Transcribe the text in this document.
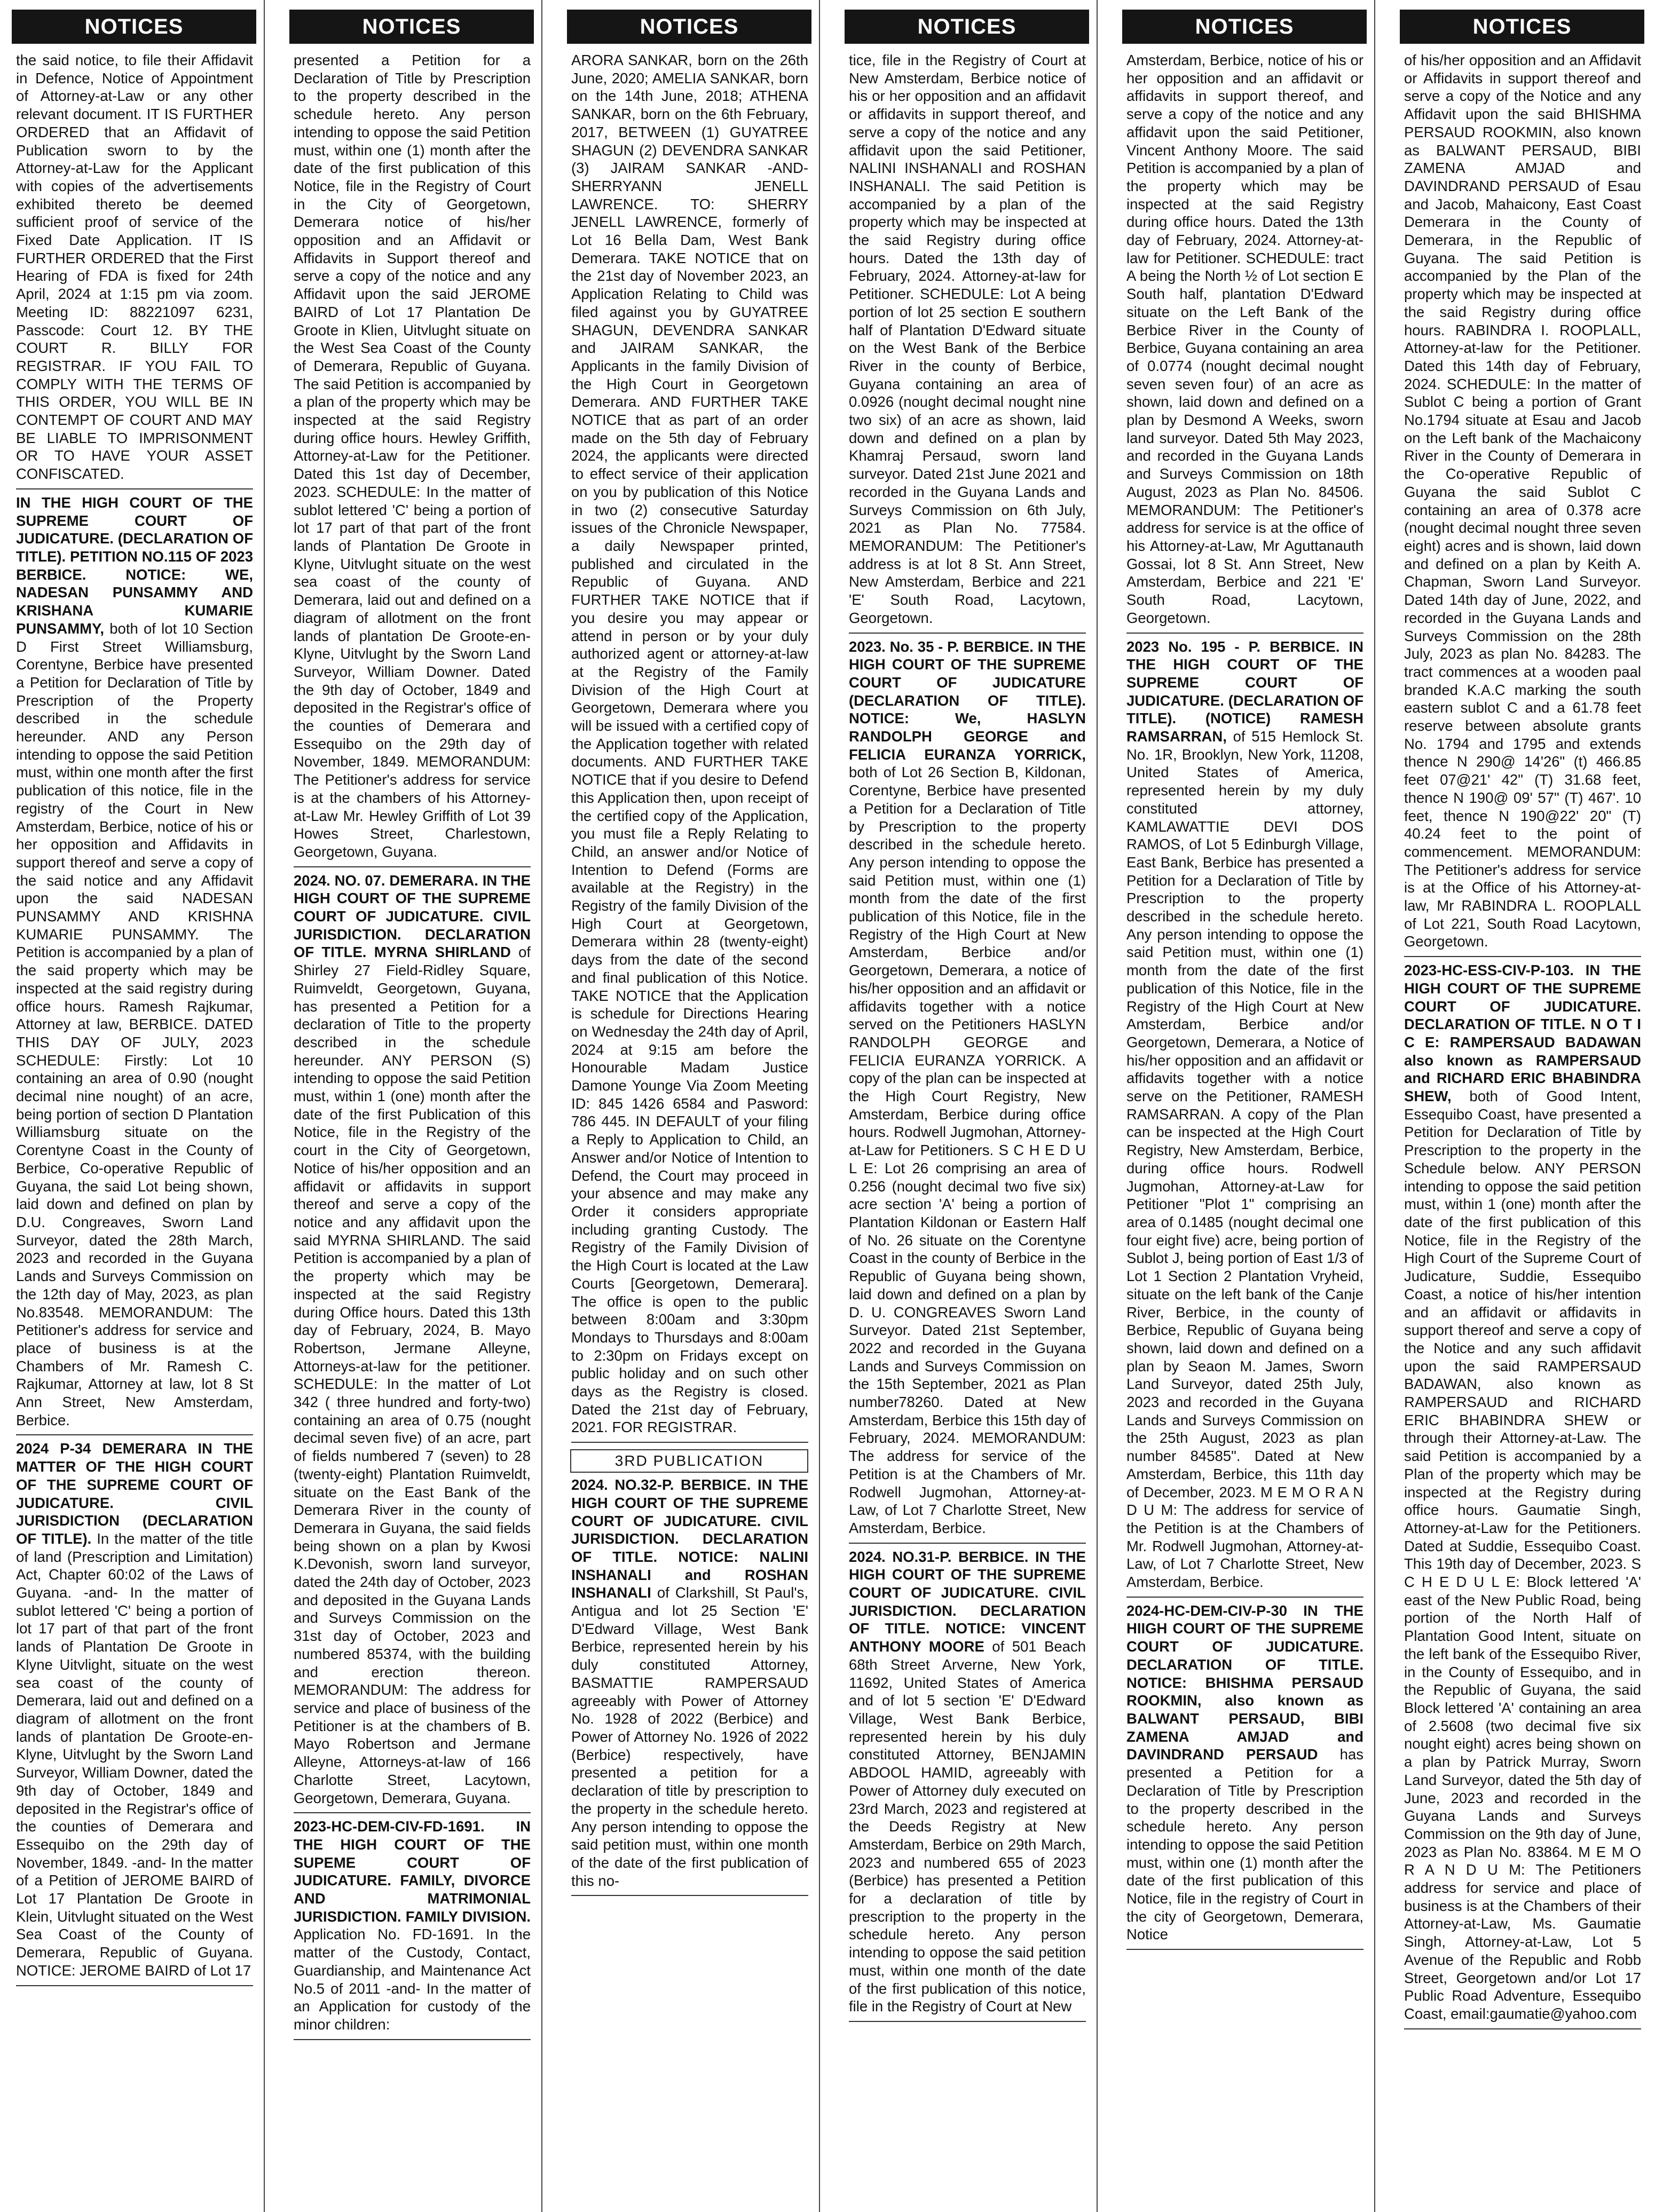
NOTICES

the said notice, to file their Affidavit in Defence, Notice of Appointment of Attorney-at-Law or any other relevant document. IT IS FURTHER ORDERED that an Affidavit of Publication sworn to by the Attorney-at-Law for the Applicant with copies of the advertisements exhibited thereto be deemed sufficient proof of service of the Fixed Date Application. IT IS FURTHER ORDERED that the First Hearing of FDA is fixed for 24th April, 2024 at 1:15 pm via zoom. Meeting ID: 88221097 6231, Passcode: Court 12. BY THE COURT R. BILLY FOR REGISTRAR. IF YOU FAIL TO COMPLY WITH THE TERMS OF THIS ORDER, YOU WILL BE IN CONTEMPT OF COURT AND MAY BE LIABLE TO IMPRISONMENT OR TO HAVE YOUR ASSET CONFISCATED.

IN THE HIGH COURT OF THE SUPREME COURT OF JUDICATURE. (DECLARATION OF TITLE). PETITION NO.115 OF 2023 BERBICE. NOTICE: WE, NADESAN PUNSAMMY AND KRISHANA KUMARIE PUNSAMMY, both of lot 10 Section D First Street Williamsburg, Corentyne, Berbice have presented a Petition for Declaration of Title by Prescription of the Property described in the schedule hereunder. AND any Person intending to oppose the said Petition must, within one month after the first publication of this notice, file in the registry of the Court in New Amsterdam, Berbice, notice of his or her opposition and Affidavits in support thereof and serve a copy of the said notice and any Affidavit upon the said NADESAN PUNSAMMY AND KRISHNA KUMARIE PUNSAMMY. The Petition is accompanied by a plan of the said property which may be inspected at the said registry during office hours. Ramesh Rajkumar, Attorney at law, BERBICE. DATED THIS DAY OF JULY, 2023 SCHEDULE: Firstly: Lot 10 containing an area of 0.90 (nought decimal nine nought) of an acre, being portion of section D Plantation Williamsburg situate on the Corentyne Coast in the County of Berbice, Co-operative Republic of Guyana, the said Lot being shown, laid down and defined on plan by D.U. Congreaves, Sworn Land Surveyor, dated the 28th March, 2023 and recorded in the Guyana Lands and Surveys Commission on the 12th day of May, 2023, as plan No.83548. MEMORANDUM: The Petitioner's address for service and place of business is at the Chambers of Mr. Ramesh C. Rajkumar, Attorney at law, lot 8 St Ann Street, New Amsterdam, Berbice.

2024 P-34 DEMERARA IN THE MATTER OF THE HIGH COURT OF THE SUPREME COURT OF JUDICATURE. CIVIL JURISDICTION (DECLARATION OF TITLE). In the matter of the title of land (Prescription and Limitation) Act, Chapter 60:02 of the Laws of Guyana. -and- In the matter of sublot lettered 'C' being a portion of lot 17 part of that part of the front lands of Plantation De Groote in Klyne Uitvlight, situate on the west sea coast of the county of Demerara, laid out and defined on a diagram of allotment on the front lands of plantation De Groote-en-Klyne, Uitvlught by the Sworn Land Surveyor, William Downer, dated the 9th day of October, 1849 and deposited in the Registrar's office of the counties of Demerara and Essequibo on the 29th day of November, 1849. -and- In the matter of a Petition of JEROME BAIRD of Lot 17 Plantation De Groote in Klein, Uitvlught situated on the West Sea Coast of the County of Demerara, Republic of Guyana. NOTICE: JEROME BAIRD of Lot 17

NOTICES

presented a Petition for a Declaration of Title by Prescription to the property described in the schedule hereto. Any person intending to oppose the said Petition must, within one (1) month after the date of the first publication of this Notice, file in the Registry of Court in the City of Georgetown, Demerara notice of his/her opposition and an Affidavit or Affidavits in Support thereof and serve a copy of the notice and any Affidavit upon the said JEROME BAIRD of Lot 17 Plantation De Groote in Klien, Uitvlught situate on the West Sea Coast of the County of Demerara, Republic of Guyana. The said Petition is accompanied by a plan of the property which may be inspected at the said Registry during office hours. Hewley Griffith, Attorney-at-Law for the Petitioner. Dated this 1st day of December, 2023. SCHEDULE: In the matter of sublot lettered 'C' being a portion of lot 17 part of that part of the front lands of Plantation De Groote in Klyne, Uitvlught situate on the west sea coast of the county of Demerara, laid out and defined on a diagram of allotment on the front lands of plantation De Groote-en-Klyne, Uitvlught by the Sworn Land Surveyor, William Downer. Dated the 9th day of October, 1849 and deposited in the Registrar's office of the counties of Demerara and Essequibo on the 29th day of November, 1849. MEMORANDUM: The Petitioner's address for service is at the chambers of his Attorney-at-Law Mr. Hewley Griffith of Lot 39 Howes Street, Charlestown, Georgetown, Guyana.

2024. NO. 07. DEMERARA. IN THE HIGH COURT OF THE SUPREME COURT OF JUDICATURE. CIVIL JURISDICTION. DECLARATION OF TITLE. MYRNA SHIRLAND of Shirley 27 Field-Ridley Square, Ruimveldt, Georgetown, Guyana, has presented a Petition for a declaration of Title to the property described in the schedule hereunder. ANY PERSON (S) intending to oppose the said Petition must, within 1 (one) month after the date of the first Publication of this Notice, file in the Registry of the court in the City of Georgetown, Notice of his/her opposition and an affidavit or affidavits in support thereof and serve a copy of the notice and any affidavit upon the said MYRNA SHIRLAND. The said Petition is accompanied by a plan of the property which may be inspected at the said Registry during Office hours. Dated this 13th day of February, 2024, B. Mayo Robertson, Jermane Alleyne, Attorneys-at-law for the petitioner. SCHEDULE: In the matter of Lot 342 ( three hundred and forty-two) containing an area of 0.75 (nought decimal seven five) of an acre, part of fields numbered 7 (seven) to 28 (twenty-eight) Plantation Ruimveldt, situate on the East Bank of the Demerara River in the county of Demerara in Guyana, the said fields being shown on a plan by Kwosi K.Devonish, sworn land surveyor, dated the 24th day of October, 2023 and deposited in the Guyana Lands and Surveys Commission on the 31st day of October, 2023 and numbered 85374, with the building and erection thereon. MEMORANDUM: The address for service and place of business of the Petitioner is at the chambers of B. Mayo Robertson and Jermane Alleyne, Attorneys-at-law of 166 Charlotte Street, Lacytown, Georgetown, Demerara, Guyana.

2023-HC-DEM-CIV-FD-1691. IN THE HIGH COURT OF THE SUPEME COURT OF JUDICATURE. FAMILY, DIVORCE AND MATRIMONIAL JURISDICTION. FAMILY DIVISION. Application No. FD-1691. In the matter of the Custody, Contact, Guardianship, and Maintenance Act No.5 of 2011 -and- In the matter of an Application for custody of the minor children:

NOTICES

ARORA SANKAR, born on the 26th June, 2020; AMELIA SANKAR, born on the 14th June, 2018; ATHENA SANKAR, born on the 6th February, 2017, BETWEEN (1) GUYATREE SHAGUN (2) DEVENDRA SANKAR (3) JAIRAM SANKAR -AND- SHERRYANN JENELL LAWRENCE. TO: SHERRY JENELL LAWRENCE, formerly of Lot 16 Bella Dam, West Bank Demerara. TAKE NOTICE that on the 21st day of November 2023, an Application Relating to Child was filed against you by GUYATREE SHAGUN, DEVENDRA SANKAR and JAIRAM SANKAR, the Applicants in the family Division of the High Court in Georgetown Demerara. AND FURTHER TAKE NOTICE that as part of an order made on the 5th day of February 2024, the applicants were directed to effect service of their application on you by publication of this Notice in two (2) consecutive Saturday issues of the Chronicle Newspaper, a daily Newspaper printed, published and circulated in the Republic of Guyana. AND FURTHER TAKE NOTICE that if you desire you may appear or attend in person or by your duly authorized agent or attorney-at-law at the Registry of the Family Division of the High Court at Georgetown, Demerara where you will be issued with a certified copy of the Application together with related documents. AND FURTHER TAKE NOTICE that if you desire to Defend this Application then, upon receipt of the certified copy of the Application, you must file a Reply Relating to Child, an answer and/or Notice of Intention to Defend (Forms are available at the Registry) in the Registry of the family Division of the High Court at Georgetown, Demerara within 28 (twenty-eight) days from the date of the second and final publication of this Notice. TAKE NOTICE that the Application is schedule for Directions Hearing on Wednesday the 24th day of April, 2024 at 9:15 am before the Honourable Madam Justice Damone Younge Via Zoom Meeting ID: 845 1426 6584 and Pasword: 786 445. IN DEFAULT of your filing a Reply to Application to Child, an Answer and/or Notice of Intention to Defend, the Court may proceed in your absence and may make any Order it considers appropriate including granting Custody. The Registry of the Family Division of the High Court is located at the Law Courts [Georgetown, Demerara]. The office is open to the public between 8:00am and 3:30pm Mondays to Thursdays and 8:00am to 2:30pm on Fridays except on public holiday and on such other days as the Registry is closed. Dated the 21st day of February, 2021. FOR REGISTRAR.

3RD PUBLICATION

2024. NO.32-P. BERBICE. IN THE HIGH COURT OF THE SUPREME COURT OF JUDICATURE. CIVIL JURISDICTION. DECLARATION OF TITLE. NOTICE: NALINI INSHANALI and ROSHAN INSHANALI of Clarkshill, St Paul's, Antigua and lot 25 Section 'E' D'Edward Village, West Bank Berbice, represented herein by his duly constituted Attorney, BASMATTIE RAMPERSAUD agreeably with Power of Attorney No. 1928 of 2022 (Berbice) and Power of Attorney No. 1926 of 2022 (Berbice) respectively, have presented a petition for a declaration of title by prescription to the property in the schedule hereto. Any person intending to oppose the said petition must, within one month of the date of the first publication of this no-

NOTICES

tice, file in the Registry of Court at New Amsterdam, Berbice notice of his or her opposition and an affidavit or affidavits in support thereof, and serve a copy of the notice and any affidavit upon the said Petitioner, NALINI INSHANALI and ROSHAN INSHANALI. The said Petition is accompanied by a plan of the property which may be inspected at the said Registry during office hours. Dated the 13th day of February, 2024. Attorney-at-law for Petitioner. SCHEDULE: Lot A being portion of lot 25 section E southern half of Plantation D'Edward situate on the West Bank of the Berbice River in the county of Berbice, Guyana containing an area of 0.0926 (nought decimal nought nine two six) of an acre as shown, laid down and defined on a plan by Khamraj Persaud, sworn land surveyor. Dated 21st June 2021 and recorded in the Guyana Lands and Surveys Commission on 6th July, 2021 as Plan No. 77584. MEMORANDUM: The Petitioner's address is at lot 8 St. Ann Street, New Amsterdam, Berbice and 221 'E' South Road, Lacytown, Georgetown.

2023. No. 35 - P. BERBICE. IN THE HIGH COURT OF THE SUPREME COURT OF JUDICATURE (DECLARATION OF TITLE). NOTICE: We, HASLYN RANDOLPH GEORGE and FELICIA EURANZA YORRICK, both of Lot 26 Section B, Kildonan, Corentyne, Berbice have presented a Petition for a Declaration of Title by Prescription to the property described in the schedule hereto. Any person intending to oppose the said Petition must, within one (1) month from the date of the first publication of this Notice, file in the Registry of the High Court at New Amsterdam, Berbice and/or Georgetown, Demerara, a notice of his/her opposition and an affidavit or affidavits together with a notice served on the Petitioners HASLYN RANDOLPH GEORGE and FELICIA EURANZA YORRICK. A copy of the plan can be inspected at the High Court Registry, New Amsterdam, Berbice during office hours. Rodwell Jugmohan, Attorney-at-Law for Petitioners. S C H E D U L E: Lot 26 comprising an area of 0.256 (nought decimal two five six) acre section 'A' being a portion of Plantation Kildonan or Eastern Half of No. 26 situate on the Corentyne Coast in the county of Berbice in the Republic of Guyana being shown, laid down and defined on a plan by D. U. CONGREAVES Sworn Land Surveyor. Dated 21st September, 2022 and recorded in the Guyana Lands and Surveys Commission on the 15th September, 2021 as Plan number78260. Dated at New Amsterdam, Berbice this 15th day of February, 2024. MEMORANDUM: The address for service of the Petition is at the Chambers of Mr. Rodwell Jugmohan, Attorney-at-Law, of Lot 7 Charlotte Street, New Amsterdam, Berbice.

2024. NO.31-P. BERBICE. IN THE HIGH COURT OF THE SUPREME COURT OF JUDICATURE. CIVIL JURISDICTION. DECLARATION OF TITLE. NOTICE: VINCENT ANTHONY MOORE of 501 Beach 68th Street Arverne, New York, 11692, United States of America and of lot 5 section 'E' D'Edward Village, West Bank Berbice, represented herein by his duly constituted Attorney, BENJAMIN ABDOOL HAMID, agreeably with Power of Attorney duly executed on 23rd March, 2023 and registered at the Deeds Registry at New Amsterdam, Berbice on 29th March, 2023 and numbered 655 of 2023 (Berbice) has presented a Petition for a declaration of title by prescription to the property in the schedule hereto. Any person intending to oppose the said petition must, within one month of the date of the first publication of this notice, file in the Registry of Court at New

NOTICES

Amsterdam, Berbice, notice of his or her opposition and an affidavit or affidavits in support thereof, and serve a copy of the notice and any affidavit upon the said Petitioner, Vincent Anthony Moore. The said Petition is accompanied by a plan of the property which may be inspected at the said Registry during office hours. Dated the 13th day of February, 2024. Attorney-at-law for Petitioner. SCHEDULE: tract A being the North ½ of Lot section E South half, plantation D'Edward situate on the Left Bank of the Berbice River in the County of Berbice, Guyana containing an area of 0.0774 (nought decimal nought seven seven four) of an acre as shown, laid down and defined on a plan by Desmond A Weeks, sworn land surveyor. Dated 5th May 2023, and recorded in the Guyana Lands and Surveys Commission on 18th August, 2023 as Plan No. 84506. MEMORANDUM: The Petitioner's address for service is at the office of his Attorney-at-Law, Mr Aguttanauth Gossai, lot 8 St. Ann Street, New Amsterdam, Berbice and 221 'E' South Road, Lacytown, Georgetown.

2023 No. 195 - P. BERBICE. IN THE HIGH COURT OF THE SUPREME COURT OF JUDICATURE. (DECLARATION OF TITLE). (NOTICE) RAMESH RAMSARRAN, of 515 Hemlock St. No. 1R, Brooklyn, New York, 11208, United States of America, represented herein by my duly constituted attorney, KAMLAWATTIE DEVI DOS RAMOS, of Lot 5 Edinburgh Village, East Bank, Berbice has presented a Petition for a Declaration of Title by Prescription to the property described in the schedule hereto. Any person intending to oppose the said Petition must, within one (1) month from the date of the first publication of this Notice, file in the Registry of the High Court at New Amsterdam, Berbice and/or Georgetown, Demerara, a Notice of his/her opposition and an affidavit or affidavits together with a notice serve on the Petitioner, RAMESH RAMSARRAN. A copy of the Plan can be inspected at the High Court Registry, New Amsterdam, Berbice, during office hours. Rodwell Jugmohan, Attorney-at-Law for Petitioner "Plot 1" comprising an area of 0.1485 (nought decimal one four eight five) acre, being portion of Sublot J, being portion of East 1/3 of Lot 1 Section 2 Plantation Vryheid, situate on the left bank of the Canje River, Berbice, in the county of Berbice, Republic of Guyana being shown, laid down and defined on a plan by Seaon M. James, Sworn Land Surveyor, dated 25th July, 2023 and recorded in the Guyana Lands and Surveys Commission on the 25th August, 2023 as plan number 84585". Dated at New Amsterdam, Berbice, this 11th day of December, 2023. M E M O R A N D U M: The address for service of the Petition is at the Chambers of Mr. Rodwell Jugmohan, Attorney-at-Law, of Lot 7 Charlotte Street, New Amsterdam, Berbice.

2024-HC-DEM-CIV-P-30 IN THE HIIGH COURT OF THE SUPREME COURT OF JUDICATURE. DECLARATION OF TITLE. NOTICE: BHISHMA PERSAUD ROOKMIN, also known as BALWANT PERSAUD, BIBI ZAMENA AMJAD and DAVINDRAND PERSAUD has presented a Petition for a Declaration of Title by Prescription to the property described in the schedule hereto. Any person intending to oppose the said Petition must, within one (1) month after the date of the first publication of this Notice, file in the registry of Court in the city of Georgetown, Demerara, Notice

NOTICES

of his/her opposition and an Affidavit or Affidavits in support thereof and serve a copy of the Notice and any Affidavit upon the said BHISHMA PERSAUD ROOKMIN, also known as BALWANT PERSAUD, BIBI ZAMENA AMJAD and DAVINDRAND PERSAUD of Esau and Jacob, Mahaicony, East Coast Demerara in the County of Demerara, in the Republic of Guyana. The said Petition is accompanied by the Plan of the property which may be inspected at the said Registry during office hours. RABINDRA I. ROOPLALL, Attorney-at-law for the Petitioner. Dated this 14th day of February, 2024. SCHEDULE: In the matter of Sublot C being a portion of Grant No.1794 situate at Esau and Jacob on the Left bank of the Machaicony River in the County of Demerara in the Co-operative Republic of Guyana the said Sublot C containing an area of 0.378 acre (nought decimal nought three seven eight) acres and is shown, laid down and defined on a plan by Keith A. Chapman, Sworn Land Surveyor. Dated 14th day of June, 2022, and recorded in the Guyana Lands and Surveys Commission on the 28th July, 2023 as plan No. 84283. The tract commences at a wooden paal branded K.A.C marking the south eastern sublot C and a 61.78 feet reserve between absolute grants No. 1794 and 1795 and extends thence N 290@ 14'26" (t) 466.85 feet 07@21' 42" (T) 31.68 feet, thence N 190@ 09' 57" (T) 467'. 10 feet, thence N 190@22' 20" (T) 40.24 feet to the point of commencement. MEMORANDUM: The Petitioner's address for service is at the Office of his Attorney-at-law, Mr RABINDRA L. ROOPLALL of Lot 221, South Road Lacytown, Georgetown.

2023-HC-ESS-CIV-P-103. IN THE HIGH COURT OF THE SUPREME COURT OF JUDICATURE. DECLARATION OF TITLE. N O T I C E: RAMPERSAUD BADAWAN also known as RAMPERSAUD and RICHARD ERIC BHABINDRA SHEW, both of Good Intent, Essequibo Coast, have presented a Petition for Declaration of Title by Prescription to the property in the Schedule below. ANY PERSON intending to oppose the said petition must, within 1 (one) month after the date of the first publication of this Notice, file in the Registry of the High Court of the Supreme Court of Judicature, Suddie, Essequibo Coast, a notice of his/her intention and an affidavit or affidavits in support thereof and serve a copy of the Notice and any such affidavit upon the said RAMPERSAUD BADAWAN, also known as RAMPERSAUD and RICHARD ERIC BHABINDRA SHEW or through their Attorney-at-Law. The said Petition is accompanied by a Plan of the property which may be inspected at the Registry during office hours. Gaumatie Singh, Attorney-at-Law for the Petitioners. Dated at Suddie, Essequibo Coast. This 19th day of December, 2023. S C H E D U L E: Block lettered 'A' east of the New Public Road, being portion of the North Half of Plantation Good Intent, situate on the left bank of the Essequibo River, in the County of Essequibo, and in the Republic of Guyana, the said Block lettered 'A' containing an area of 2.5608 (two decimal five six nought eight) acres being shown on a plan by Patrick Murray, Sworn Land Surveyor, dated the 5th day of June, 2023 and recorded in the Guyana Lands and Surveys Commission on the 9th day of June, 2023 as Plan No. 83864. M E M O R A N D U M: The Petitioners address for service and place of business is at the Chambers of their Attorney-at-Law, Ms. Gaumatie Singh, Attorney-at-Law, Lot 5 Avenue of the Republic and Robb Street, Georgetown and/or Lot 17 Public Road Adventure, Essequibo Coast, email:gaumatie@yahoo.com
